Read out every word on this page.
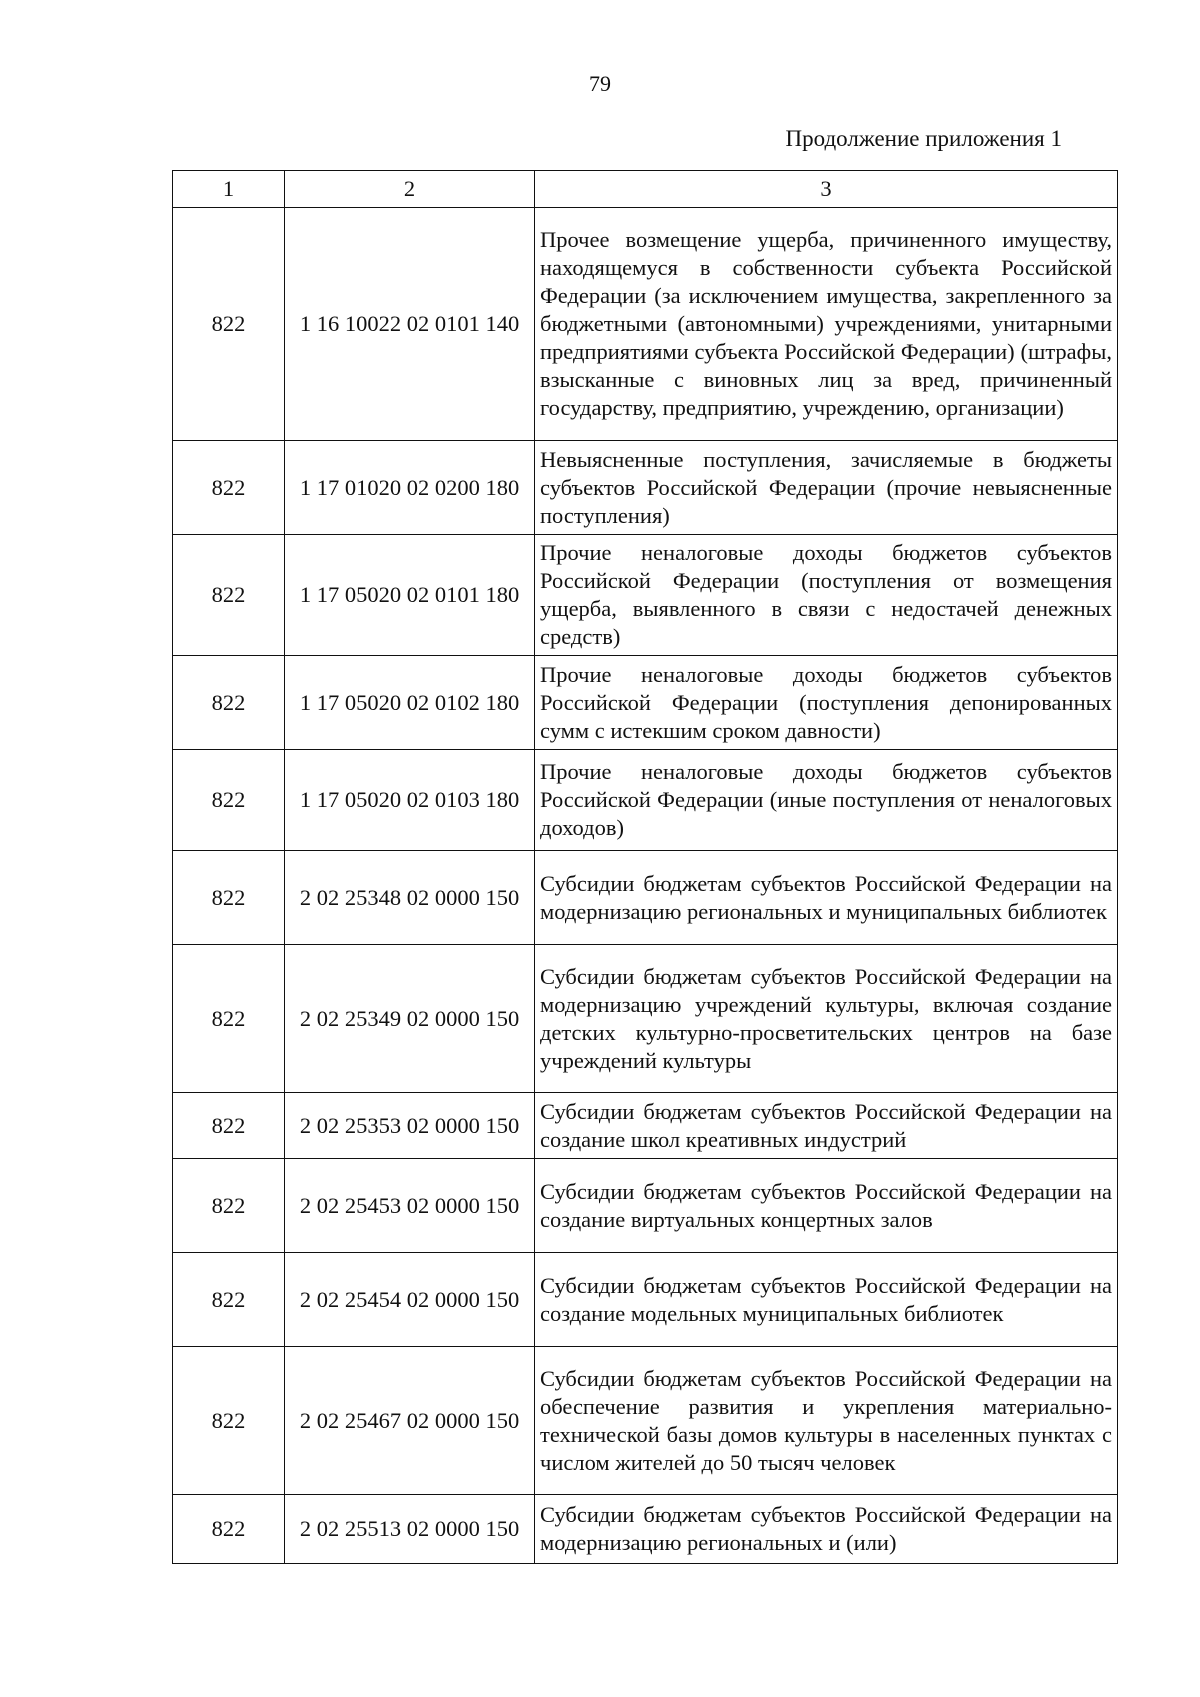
79
Продолжение приложения 1
1	2	3
822	1 16 10022 02 0101 140	Прочее возмещение ущерба, причиненного имуществу, находящемуся в собственности субъекта Российской Федерации (за исключением имущества, закрепленного за бюджетными (автономными) учреждениями, унитарными предприятиями субъекта Российской Федерации) (штрафы, взысканные с виновных лиц за вред, причиненный государству, предприятию, учреждению, организации)
822	1 17 01020 02 0200 180	Невыясненные поступления, зачисляемые в бюджеты субъектов Российской Федерации (прочие невыясненные поступления)
822	1 17 05020 02 0101 180	Прочие неналоговые доходы бюджетов субъектов Российской Федерации (поступления от возмещения ущерба, выявленного в связи с недостачей денежных средств)
822	1 17 05020 02 0102 180	Прочие неналоговые доходы бюджетов субъектов Российской Федерации (поступления депонированных сумм с истекшим сроком давности)
822	1 17 05020 02 0103 180	Прочие неналоговые доходы бюджетов субъектов Российской Федерации (иные поступления от неналоговых доходов)
822	2 02 25348 02 0000 150	Субсидии бюджетам субъектов Российской Федерации на модернизацию региональных и муниципальных библиотек
822	2 02 25349 02 0000 150	Субсидии бюджетам субъектов Российской Федерации на модернизацию учреждений культуры, включая создание детских культурно-просветительских центров на базе учреждений культуры
822	2 02 25353 02 0000 150	Субсидии бюджетам субъектов Российской Федерации на создание школ креативных индустрий
822	2 02 25453 02 0000 150	Субсидии бюджетам субъектов Российской Федерации на создание виртуальных концертных залов
822	2 02 25454 02 0000 150	Субсидии бюджетам субъектов Российской Федерации на создание модельных муниципальных библиотек
822	2 02 25467 02 0000 150	Субсидии бюджетам субъектов Российской Федерации на обеспечение развития и укрепления материально-технической базы домов культуры в населенных пунктах с числом жителей до 50 тысяч человек
822	2 02 25513 02 0000 150	Субсидии бюджетам субъектов Российской Федерации на модернизацию региональных и (или)
